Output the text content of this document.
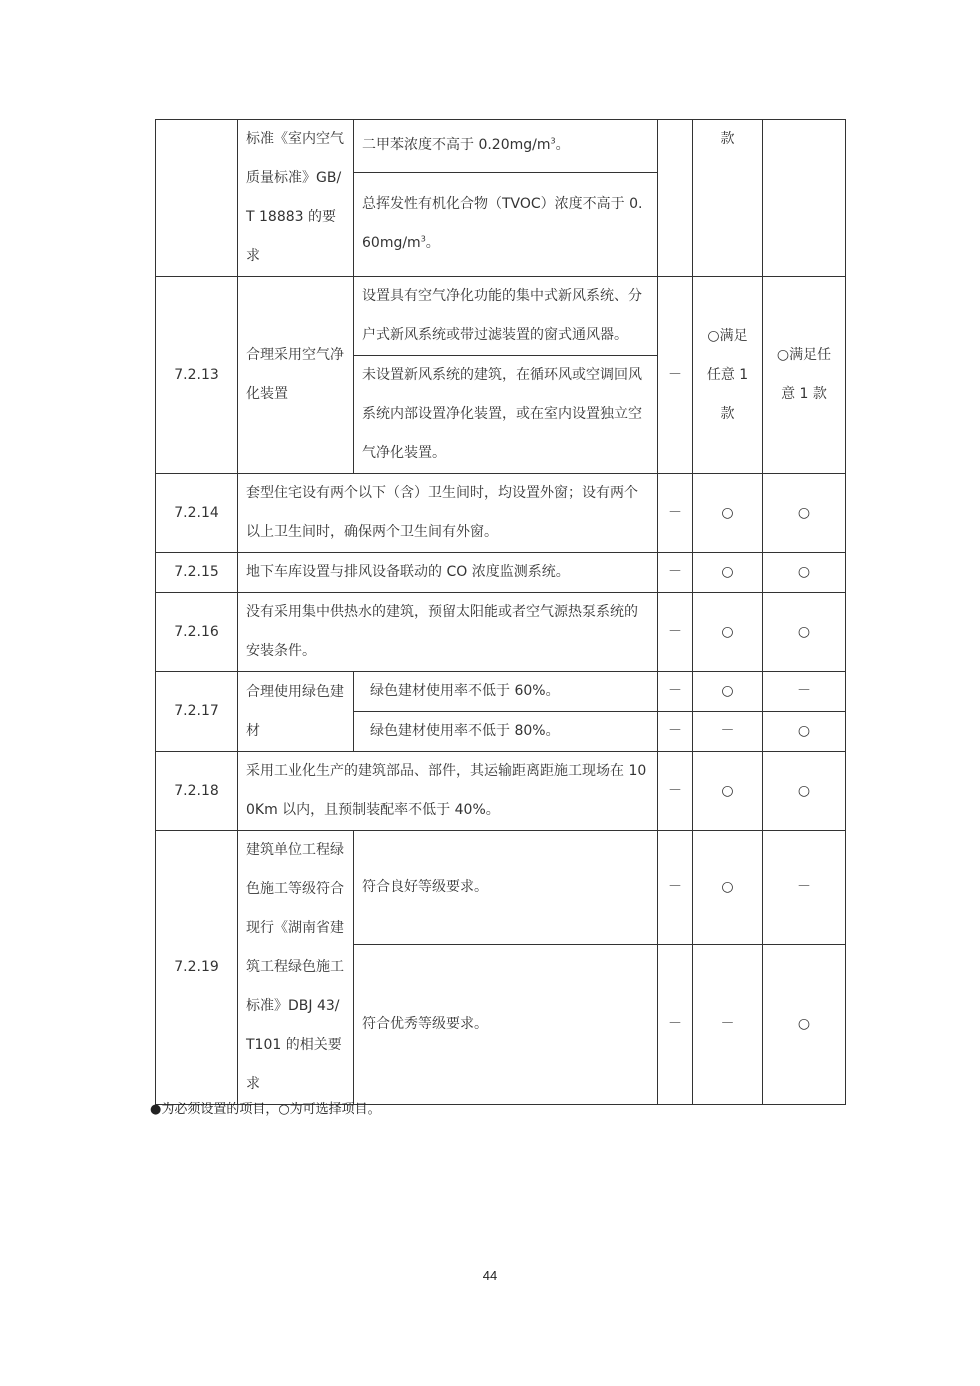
	标准《室内空气质量标准》GB/T 18883 的要求	二甲苯浓度不高于 $0.20mg/m^3$。		款	
		总挥发性有机化合物（TVOC）浓度不高于 $0.60mg/m^3$。			
7.2.13	合理采用空气净化装置	设置具有空气净化功能的集中式新风系统、分户式新风系统或带过滤装置的窗式通风器。	－	○满足任意 1 款	○满足任意 1 款
		未设置新风系统的建筑，在循环风或空调回风系统内部设置净化装置，或在室内设置独立空气净化装置。			
7.2.14	套型住宅设有两个以下（含）卫生间时，均设置外窗；设有两个以上卫生间时，确保两个卫生间有外窗。		－	○	○
7.2.15	地下车库设置与排风设备联动的 CO 浓度监测系统。		－	○	○
7.2.16	没有采用集中供热水的建筑，预留太阳能或者空气源热泵系统的安装条件。		－	○	○
7.2.17	合理使用绿色建材	绿色建材使用率不低于 60%。	－	○	－
		绿色建材使用率不低于 80%。	－	－	○
7.2.18	采用工业化生产的建筑部品、部件，其运输距离距施工现场在 100Km 以内，且预制装配率不低于 40%。		－	○	○
7.2.19	建筑单位工程绿色施工等级符合现行《湖南省建筑工程绿色施工标准》DBJ 43/T101 的相关要求	符合良好等级要求。	－	○	－
		符合优秀等级要求。	－	－	○
●为必须设置的项目，○为可选择项目。
44
